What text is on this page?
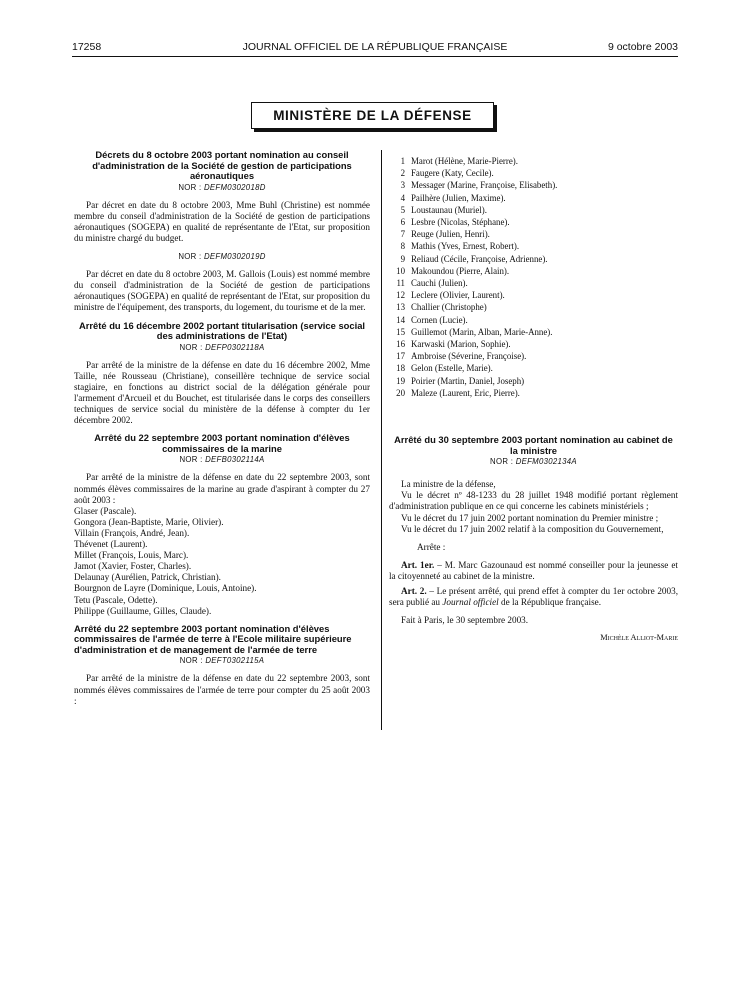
17258	JOURNAL OFFICIEL DE LA RÉPUBLIQUE FRANÇAISE	9 octobre 2003
MINISTÈRE DE LA DÉFENSE
Décrets du 8 octobre 2003 portant nomination au conseil d'administration de la Société de gestion de participations aéronautiques
NOR : DEFM0302018D
Par décret en date du 8 octobre 2003, Mme Buhl (Christine) est nommée membre du conseil d'administration de la Société de gestion de participations aéronautiques (SOGEPA) en qualité de représentante de l'Etat, sur proposition du ministre chargé du budget.
NOR : DEFM0302019D
Par décret en date du 8 octobre 2003, M. Gallois (Louis) est nommé membre du conseil d'administration de la Société de gestion de participations aéronautiques (SOGEPA) en qualité de représentant de l'Etat, sur proposition du ministre de l'équipement, des transports, du logement, du tourisme et de la mer.
Arrêté du 16 décembre 2002 portant titularisation (service social des administrations de l'Etat)
NOR : DEFP0302118A
Par arrêté de la ministre de la défense en date du 16 décembre 2002, Mme Taille, née Rousseau (Christiane), conseillère technique de service social stagiaire, en fonctions au district social de la délégation générale pour l'armement d'Arcueil et du Bouchet, est titularisée dans le corps des conseillers techniques de service social du ministère de la défense à compter du 1er décembre 2002.
Arrêté du 22 septembre 2003 portant nomination d'élèves commissaires de la marine
NOR : DEFB0302114A
Par arrêté de la ministre de la défense en date du 22 septembre 2003, sont nommés élèves commissaires de la marine au grade d'aspirant à compter du 27 août 2003 :
Glaser (Pascale).
Gongora (Jean-Baptiste, Marie, Olivier).
Villain (François, André, Jean).
Thévenet (Laurent).
Millet (François, Louis, Marc).
Jamot (Xavier, Foster, Charles).
Delaunay (Aurélien, Patrick, Christian).
Bourgnon de Layre (Dominique, Louis, Antoine).
Tetu (Pascale, Odette).
Philippe (Guillaume, Gilles, Claude).
Arrêté du 22 septembre 2003 portant nomination d'élèves commissaires de l'armée de terre à l'Ecole militaire supérieure d'administration et de management de l'armée de terre
NOR : DEFT0302115A
Par arrêté de la ministre de la défense en date du 22 septembre 2003, sont nommés élèves commissaires de l'armée de terre pour compter du 25 août 2003 :
1 Marot (Hélène, Marie-Pierre).
2 Faugere (Katy, Cecile).
3 Messager (Marine, Françoise, Elisabeth).
4 Pailhère (Julien, Maxime).
5 Loustaunau (Muriel).
6 Lesbre (Nicolas, Stéphane).
7 Reuge (Julien, Henri).
8 Mathis (Yves, Ernest, Robert).
9 Reliaud (Cécile, Françoise, Adrienne).
10 Makoundou (Pierre, Alain).
11 Cauchi (Julien).
12 Leclere (Olivier, Laurent).
13 Challier (Christophe)
14 Cornen (Lucie).
15 Guillemot (Marin, Alban, Marie-Anne).
16 Karwaski (Marion, Sophie).
17 Ambroise (Séverine, Françoise).
18 Gelon (Estelle, Marie).
19 Poirier (Martin, Daniel, Joseph)
20 Maleze (Laurent, Eric, Pierre).
Arrêté du 30 septembre 2003 portant nomination au cabinet de la ministre
NOR : DEFM0302134A
La ministre de la défense,
Vu le décret nº 48-1233 du 28 juillet 1948 modifié portant règlement d'administration publique en ce qui concerne les cabinets ministériels ;
Vu le décret du 17 juin 2002 portant nomination du Premier ministre ;
Vu le décret du 17 juin 2002 relatif à la composition du Gouvernement,
Arrête :
Art. 1er. – M. Marc Gazounaud est nommé conseiller pour la jeunesse et la citoyenneté au cabinet de la ministre.
Art. 2. – Le présent arrêté, qui prend effet à compter du 1er octobre 2003, sera publié au Journal officiel de la République française.
Fait à Paris, le 30 septembre 2003.
Michèle Alliot-Marie
